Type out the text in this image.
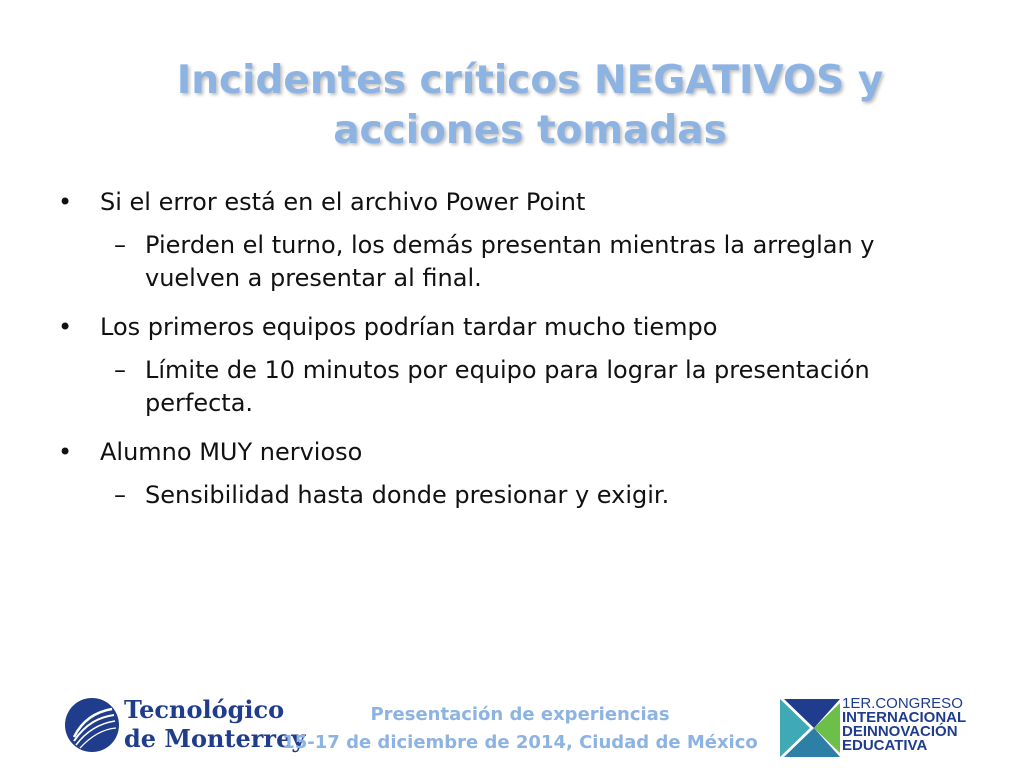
Incidentes críticos NEGATIVOS y
acciones tomadas
• Si el error está en el archivo Power Point
– Pierden el turno, los demás presentan mientras la arreglan y vuelven a presentar al final.
• Los primeros equipos podrían tardar mucho tiempo
– Límite de 10 minutos por equipo para lograr la presentación perfecta.
• Alumno MUY nervioso
– Sensibilidad hasta donde presionar y exigir.
Tecnológico
de Monterrey
Presentación de experiencias
15-17 de diciembre de 2014, Ciudad de México
1ER.CONGRESO
INTERNACIONAL
DEINNOVACIÓN
EDUCATIVA
